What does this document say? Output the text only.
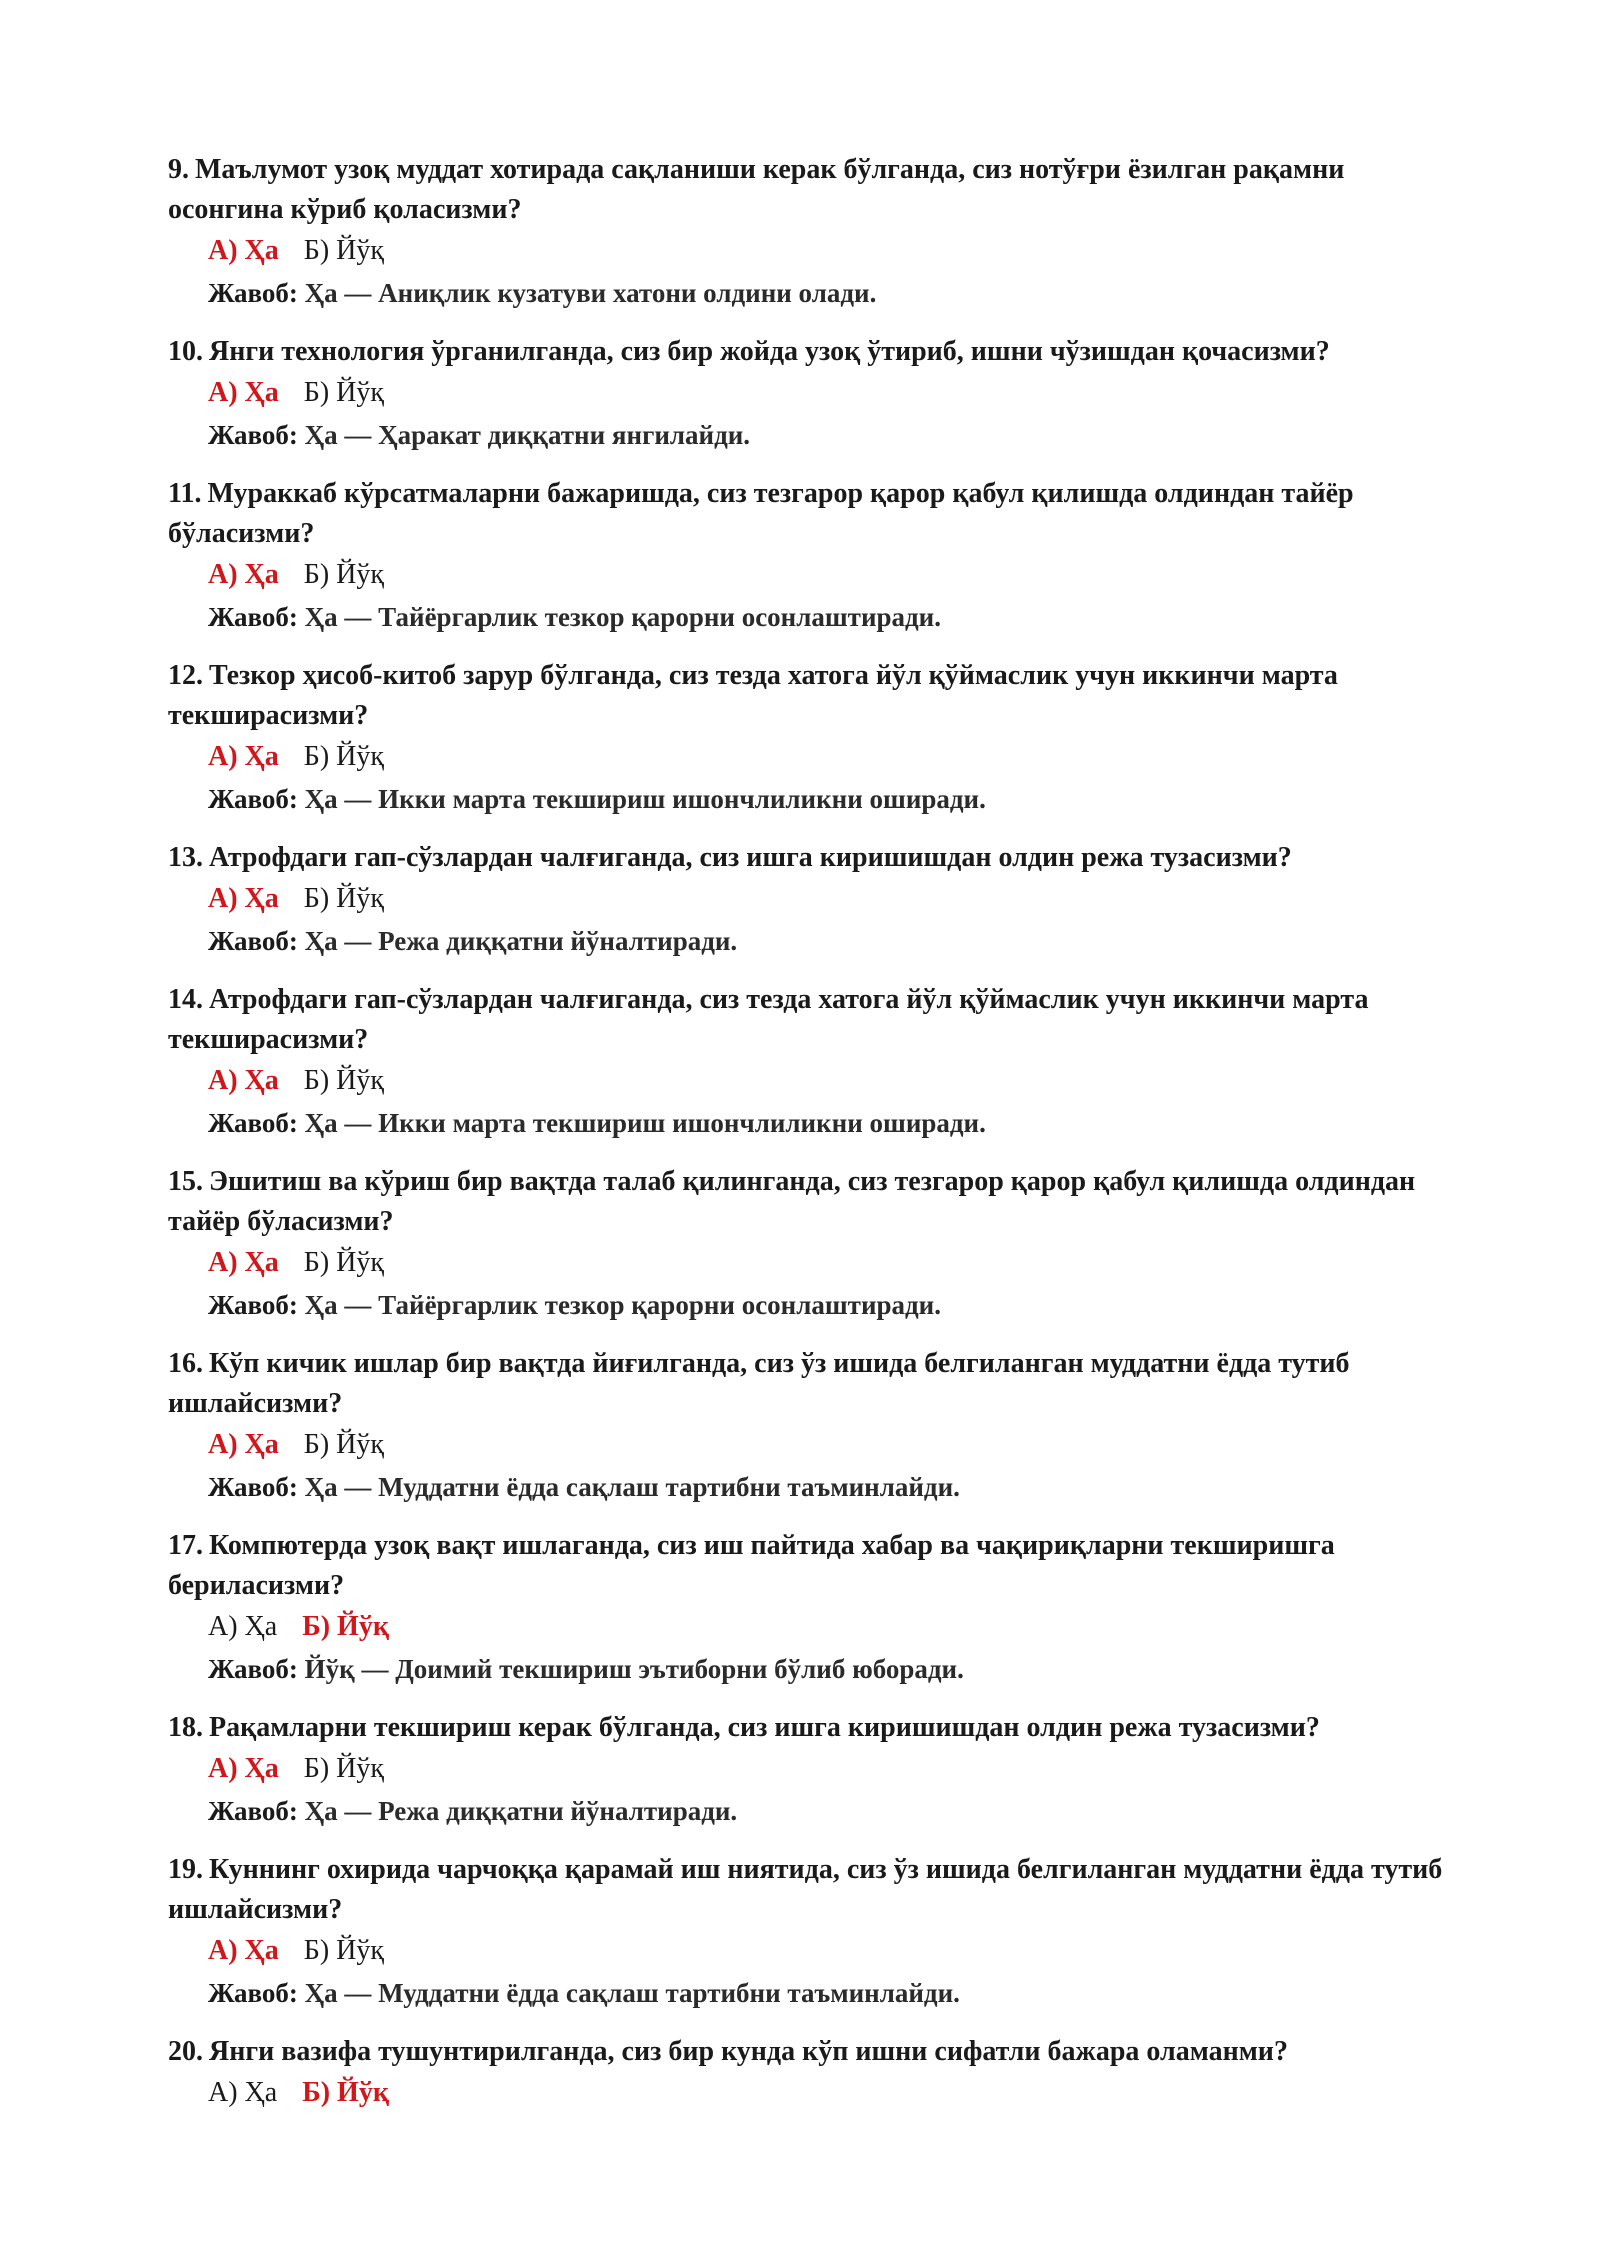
9. Маълумот узоқ муддат хотирада сақланиши керак бўлганда, сиз нотўғри ёзилган рақамни осонгина кўриб қоласизми?

А) Ҳа Б) Йўқ
Жавоб: Ҳа — Аниқлик кузатуви хатони олдини олади.

10. Янги технология ўрганилганда, сиз бир жойда узоқ ўтириб, ишни чўзишдан қочасизми?

А) Ҳа Б) Йўқ
Жавоб: Ҳа — Ҳаракат диққатни янгилайди.

11. Мураккаб кўрсатмаларни бажаришда, сиз тезгарор қарор қабул қилишда олдиндан тайёр бўласизми?

А) Ҳа Б) Йўқ
Жавоб: Ҳа — Тайёргарлик тезкор қарорни осонлаштиради.

12. Тезкор ҳисоб-китоб зарур бўлганда, сиз тезда хатога йўл қўймаслик учун иккинчи марта текширасизми?

А) Ҳа Б) Йўқ
Жавоб: Ҳа — Икки марта текшириш ишончлиликни оширади.

13. Атрофдаги гап-сўзлардан чалғиганда, сиз ишга киришишдан олдин режа тузасизми?

А) Ҳа Б) Йўқ
Жавоб: Ҳа — Режа диққатни йўналтиради.

14. Атрофдаги гап-сўзлардан чалғиганда, сиз тезда хатога йўл қўймаслик учун иккинчи марта текширасизми?

А) Ҳа Б) Йўқ
Жавоб: Ҳа — Икки марта текшириш ишончлиликни оширади.

15. Эшитиш ва кўриш бир вақтда талаб қилинганда, сиз тезгарор қарор қабул қилишда олдиндан тайёр бўласизми?

А) Ҳа Б) Йўқ
Жавоб: Ҳа — Тайёргарлик тезкор қарорни осонлаштиради.

16. Кўп кичик ишлар бир вақтда йиғилганда, сиз ўз ишида белгиланган муддатни ёдда тутиб ишлайсизми?

А) Ҳа Б) Йўқ
Жавоб: Ҳа — Муддатни ёдда сақлаш тартибни таъминлайди.

17. Компютерда узоқ вақт ишлаганда, сиз иш пайтида хабар ва чақириқларни текширишга бериласизми?

А) Ҳа Б) Йўқ
Жавоб: Йўқ — Доимий текшириш эътиборни бўлиб юборади.

18. Рақамларни текшириш керак бўлганда, сиз ишга киришишдан олдин режа тузасизми?

А) Ҳа Б) Йўқ
Жавоб: Ҳа — Режа диққатни йўналтиради.

19. Куннинг охирида чарчоққа қарамай иш ниятида, сиз ўз ишида белгиланган муддатни ёдда тутиб ишлайсизми?

А) Ҳа Б) Йўқ
Жавоб: Ҳа — Муддатни ёдда сақлаш тартибни таъминлайди.

20. Янги вазифа тушунтирилганда, сиз бир кунда кўп ишни сифатли бажара оламанми?

А) Ҳа Б) Йўқ
